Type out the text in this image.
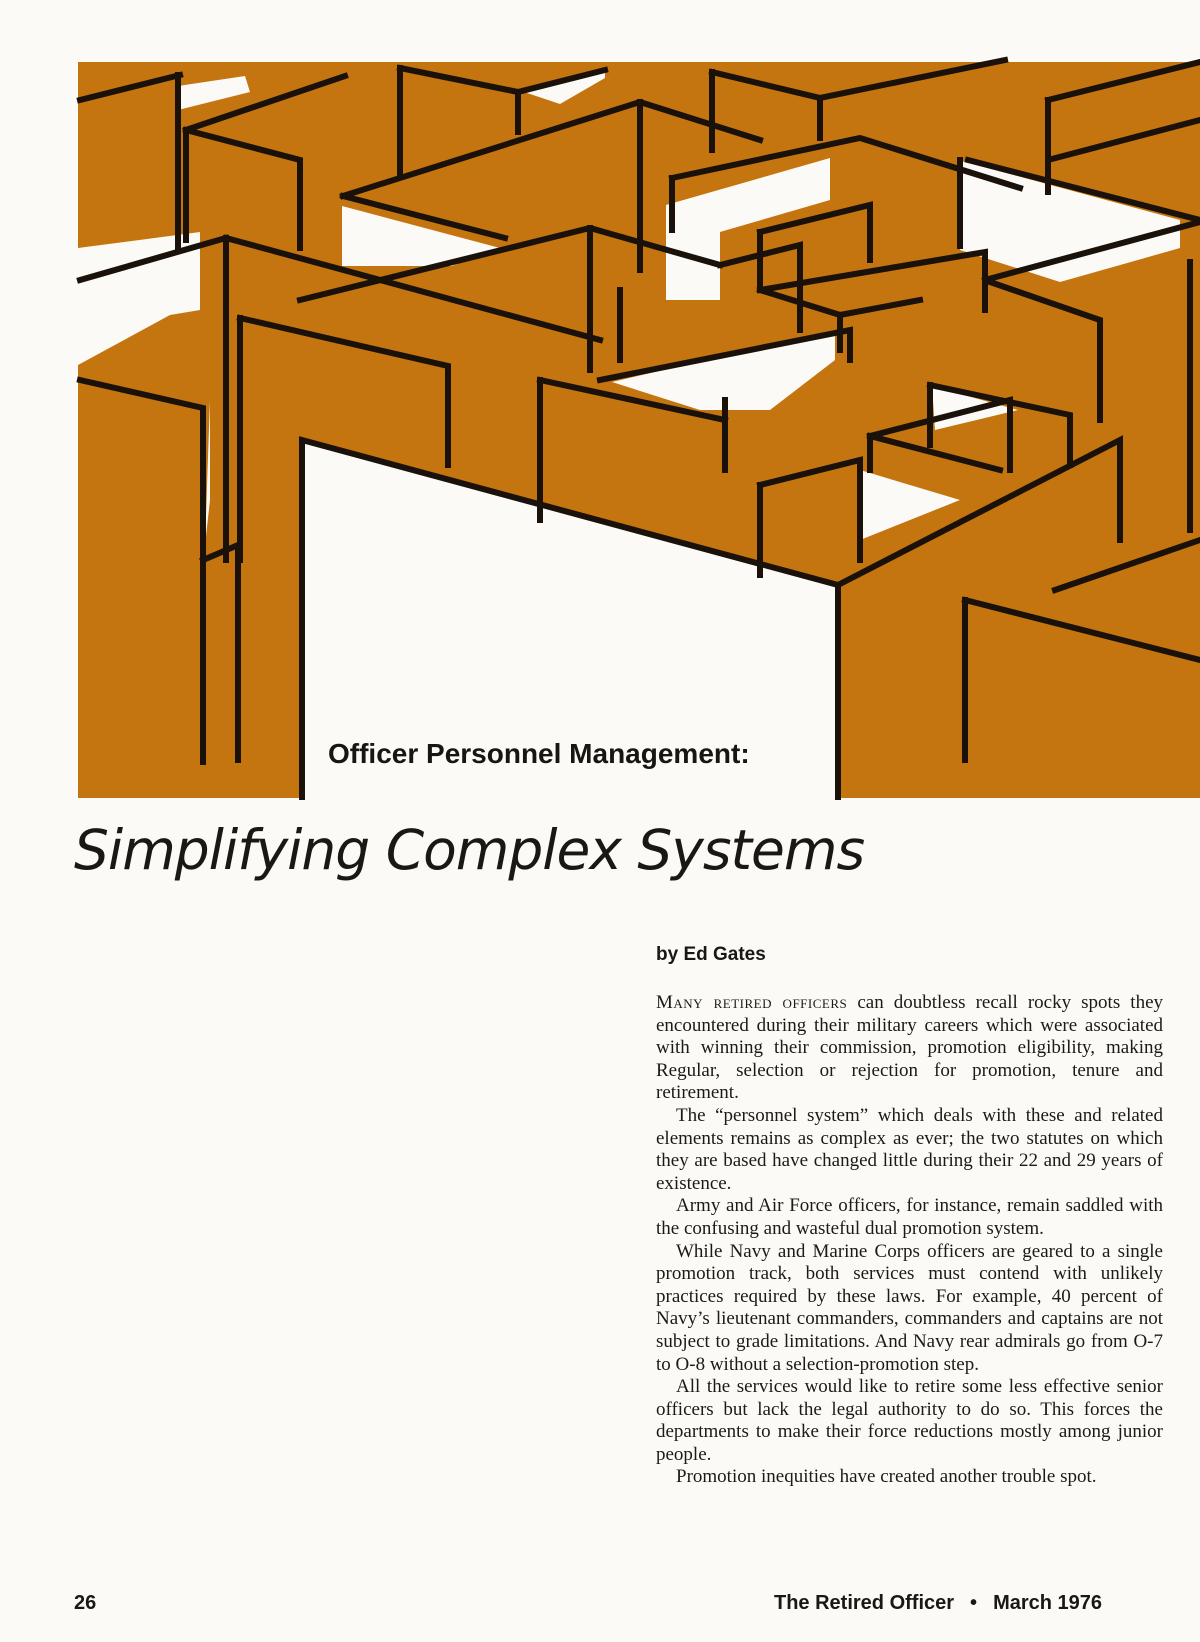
Officer Personnel Management:
Simplifying Complex Systems
by Ed Gates

Many retired officers can doubtless recall rocky spots they encountered during their military careers which were associated with winning their commission, promotion eligibility, making Regular, selection or rejection for promotion, tenure and retirement.

The “personnel system” which deals with these and related elements remains as complex as ever; the two statutes on which they are based have changed little during their 22 and 29 years of existence.

Army and Air Force officers, for instance, remain saddled with the confusing and wasteful dual promotion system.

While Navy and Marine Corps officers are geared to a single promotion track, both services must contend with unlikely practices required by these laws. For example, 40 percent of Navy’s lieutenant commanders, commanders and captains are not subject to grade limitations. And Navy rear admirals go from O-7 to O-8 without a selection-promotion step.

All the services would like to retire some less effective senior officers but lack the legal authority to do so. This forces the departments to make their force reductions mostly among junior people.

Promotion inequities have created another trouble spot.

26	The Retired Officer • March 1976
